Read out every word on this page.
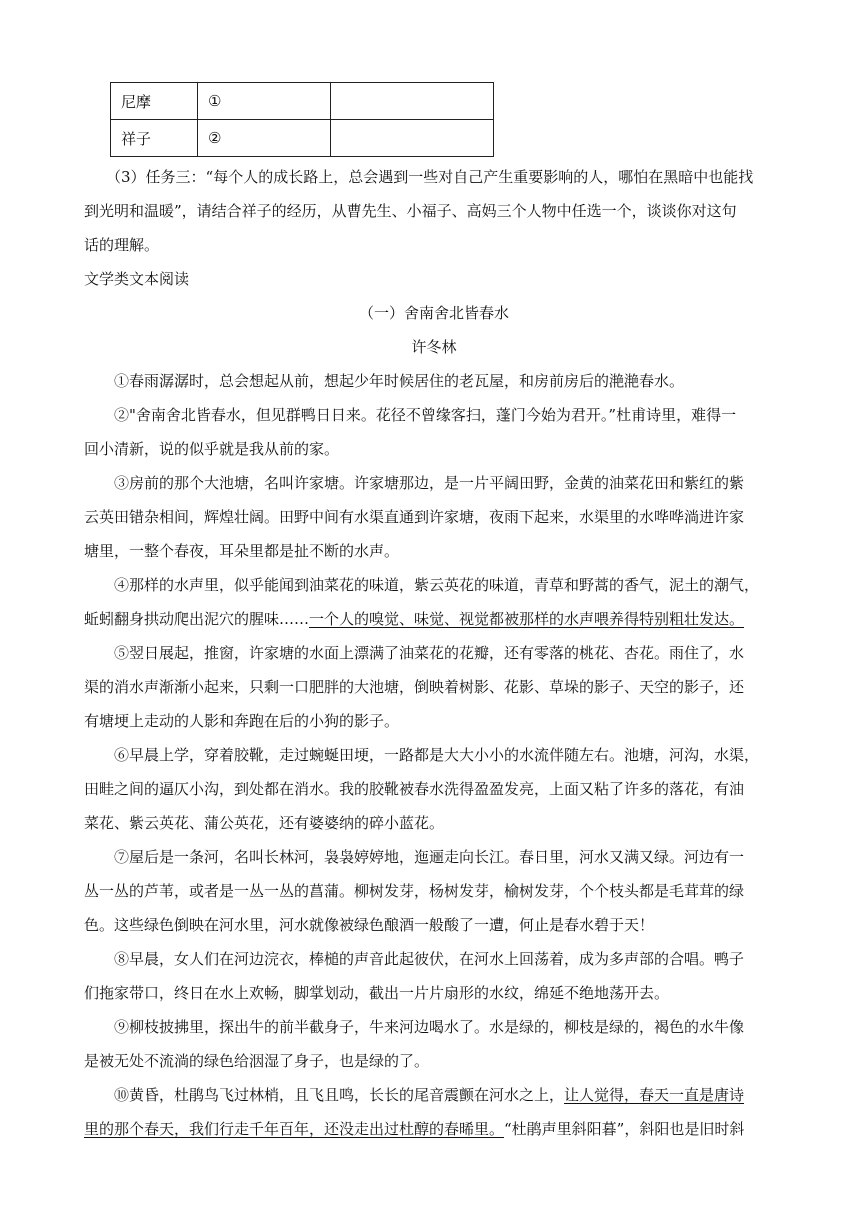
尼摩	①	
祥子	②	
（3）任务三：“每个人的成长路上，总会遇到一些对自己产生重要影响的人，哪怕在黑暗中也能找
到光明和温暖”，请结合祥子的经历，从曹先生、小福子、高妈三个人物中任选一个，谈谈你对这句
话的理解。
文学类文本阅读
（一）舍南舍北皆春水
许冬林
①春雨潺潺时，总会想起从前，想起少年时候居住的老瓦屋，和房前房后的滟滟春水。
②"舍南舍北皆春水，但见群鸭日日来。花径不曾缘客扫，蓬门今始为君开。”杜甫诗里，难得一
回小清新，说的似乎就是我从前的家。
③房前的那个大池塘，名叫许家塘。许家塘那边，是一片平阔田野，金黄的油菜花田和紫红的紫
云英田错杂相间，辉煌壮阔。田野中间有水渠直通到许家塘，夜雨下起来，水渠里的水哗哗淌进许家
塘里，一整个春夜，耳朵里都是扯不断的水声。
④那样的水声里，似乎能闻到油菜花的味道，紫云英花的味道，青草和野蒿的香气，泥土的潮气，
蚯蚓翻身拱动爬出泥穴的腥味……一个人的嗅觉、味觉、视觉都被那样的水声喂养得特别粗壮发达。
⑤翌日展起，推窗，许家塘的水面上漂满了油菜花的花瓣，还有零落的桃花、杏花。雨住了，水
渠的消水声渐渐小起来，只剩一口肥胖的大池塘，倒映着树影、花影、草垛的影子、天空的影子，还
有塘埂上走动的人影和奔跑在后的小狗的影子。
⑥早晨上学，穿着胶靴，走过蜿蜒田埂，一路都是大大小小的水流伴随左右。池塘，河沟，水渠，
田畦之间的逼仄小沟，到处都在消水。我的胶靴被春水洗得盈盈发亮，上面又粘了许多的落花，有油
菜花、紫云英花、蒲公英花，还有婆婆纳的碎小蓝花。
⑦屋后是一条河，名叫长林河，袅袅婷婷地，迤逦走向长江。春日里，河水又满又绿。河边有一
丛一丛的芦苇，或者是一丛一丛的菖蒲。柳树发芽，杨树发芽，榆树发芽，个个枝头都是毛茸茸的绿
色。这些绿色倒映在河水里，河水就像被绿色酿酒一般酸了一遭，何止是春水碧于天！
⑧早晨，女人们在河边浣衣，棒槌的声音此起彼伏，在河水上回荡着，成为多声部的合唱。鸭子
们拖家带口，终日在水上欢畅，脚掌划动，截出一片片扇形的水纹，绵延不绝地荡开去。
⑨柳枝披拂里，探出牛的前半截身子，牛来河边喝水了。水是绿的，柳枝是绿的，褐色的水牛像
是被无处不流淌的绿色给洇湿了身子，也是绿的了。
⑩黄昏，杜鹃鸟飞过林梢，且飞且鸣，长长的尾音震颤在河水之上，让人觉得，春天一直是唐诗
里的那个春天，我们行走千年百年，还没走出过杜醇的春晞里。“杜鹃声里斜阳暮”，斜阳也是旧时斜
